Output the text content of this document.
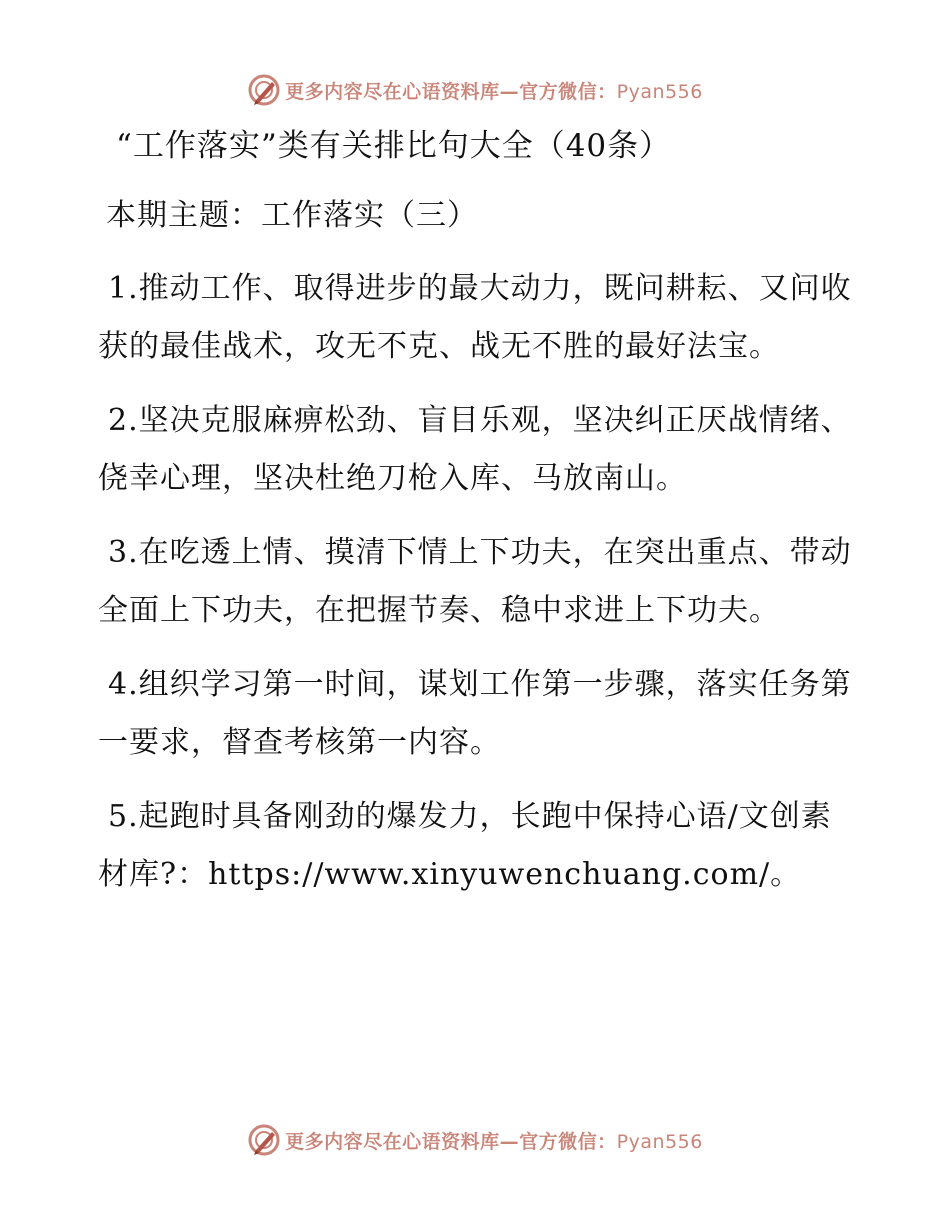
更多内容尽在心语资料库—官方微信：Pyan556
“工作落实”类有关排比句大全（40条）
本期主题：工作落实（三）
1.推动工作、取得进步的最大动力，既问耕耘、又问收获的最佳战术，攻无不克、战无不胜的最好法宝。
2.坚决克服麻痹松劲、盲目乐观，坚决纠正厌战情绪、侥幸心理，坚决杜绝刀枪入库、马放南山。
3.在吃透上情、摸清下情上下功夫，在突出重点、带动全面上下功夫，在把握节奏、稳中求进上下功夫。
4.组织学习第一时间，谋划工作第一步骤，落实任务第一要求，督查考核第一内容。
5.起跑时具备刚劲的爆发力，长跑中保持心语/文创素材库?：https://www.xinyuwenchuang.com/。
更多内容尽在心语资料库—官方微信：Pyan556
